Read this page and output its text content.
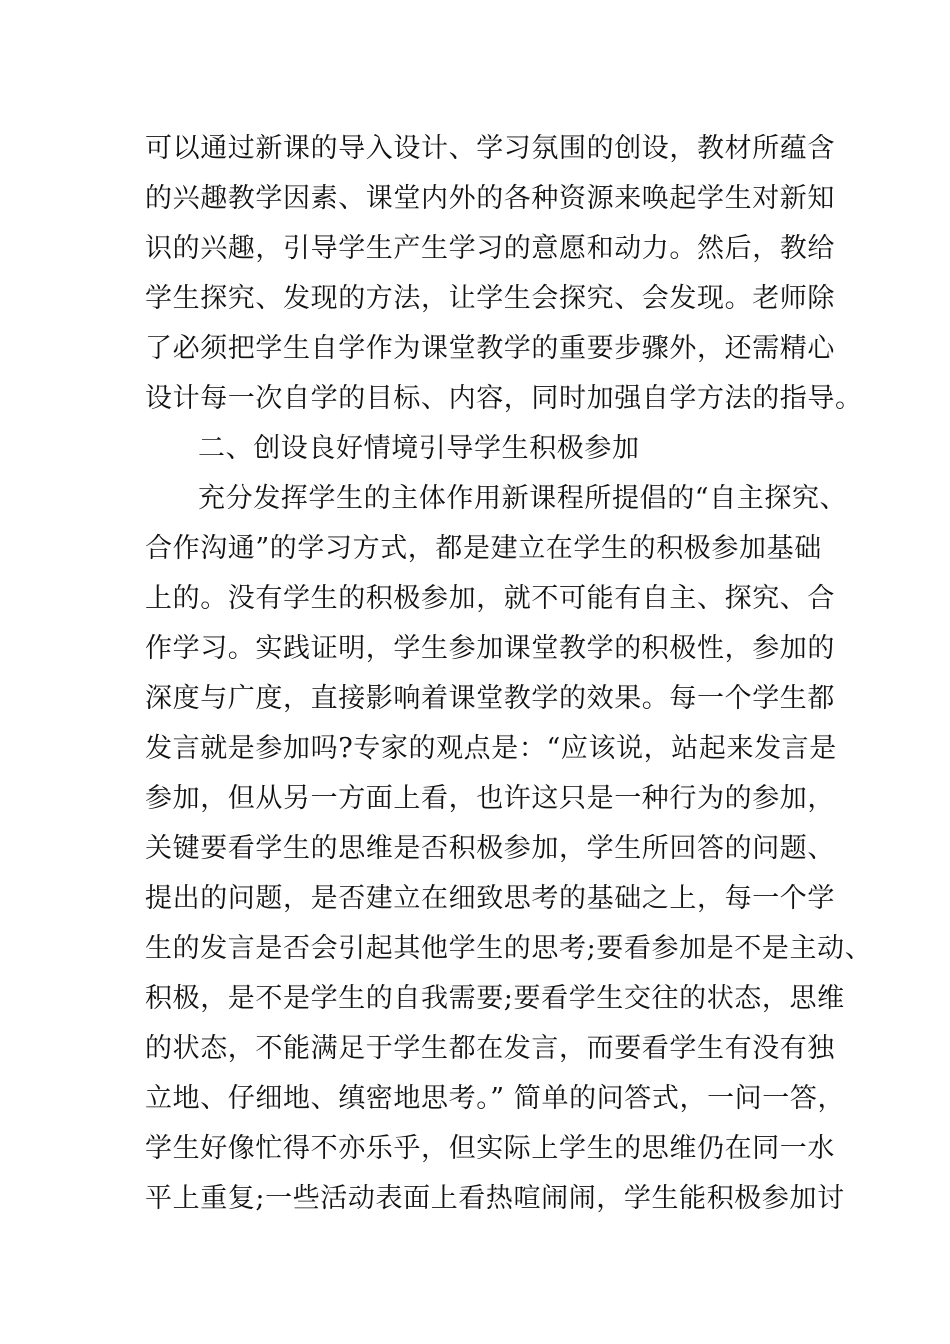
可以通过新课的导入设计、学习氛围的创设，教材所蕴含
的兴趣教学因素、课堂内外的各种资源来唤起学生对新知
识的兴趣，引导学生产生学习的意愿和动力。然后，教给
学生探究、发现的方法，让学生会探究、会发现。老师除
了必须把学生自学作为课堂教学的重要步骤外，还需精心
设计每一次自学的目标、内容，同时加强自学方法的指导。
二、创设良好情境引导学生积极参加
充分发挥学生的主体作用新课程所提倡的“自主探究、
合作沟通”的学习方式，都是建立在学生的积极参加基础
上的。没有学生的积极参加，就不可能有自主、探究、合
作学习。实践证明，学生参加课堂教学的积极性，参加的
深度与广度，直接影响着课堂教学的效果。每一个学生都
发言就是参加吗?专家的观点是：“应该说，站起来发言是
参加，但从另一方面上看，也许这只是一种行为的参加，
关键要看学生的思维是否积极参加，学生所回答的问题、
提出的问题，是否建立在细致思考的基础之上，每一个学
生的发言是否会引起其他学生的思考;要看参加是不是主动、
积极，是不是学生的自我需要;要看学生交往的状态，思维
的状态，不能满足于学生都在发言，而要看学生有没有独
立地、仔细地、缜密地思考。” 简单的问答式，一问一答，
学生好像忙得不亦乐乎，但实际上学生的思维仍在同一水
平上重复;一些活动表面上看热喧闹闹，学生能积极参加讨
